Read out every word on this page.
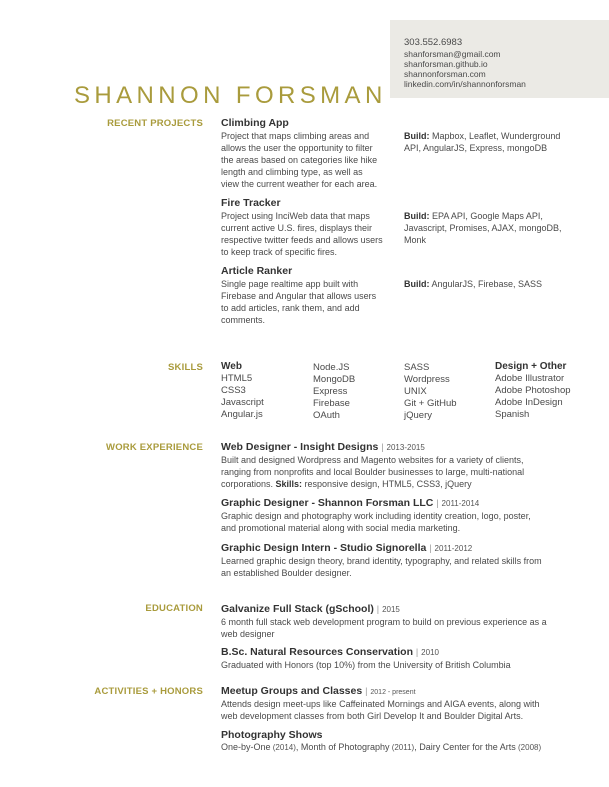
303.552.6983
shanforsman@gmail.com
shanforsman.github.io
shannonforsman.com
linkedin.com/in/shannonforsman
SHANNON FORSMAN
RECENT PROJECTS
SKILLS
WORK EXPERIENCE
EDUCATION
ACTIVITIES + HONORS
Climbing App
Project that maps climbing areas and
allows the user the opportunity to filter
the areas based on categories like hike
length and climbing type, as well as
view the current weather for each area.
Build: Mapbox, Leaflet, Wunderground
API, AngularJS, Express, mongoDB
Fire Tracker
Project using InciWeb data that maps
current active U.S. fires, displays their
respective twitter feeds and allows users
to keep track of specific fires.
Build: EPA API, Google Maps API,
Javascript, Promises, AJAX, mongoDB,
Monk
Article Ranker
Single page realtime app built with
Firebase and Angular that allows users
to add articles, rank them, and add
comments.
Build: AngularJS, Firebase, SASS
Web
HTML5
CSS3
Javascript
Angular.js
Node.JS
MongoDB
Express
Firebase
OAuth
SASS
Wordpress
UNIX
Git + GitHub
jQuery
Design + Other
Adobe Illustrator
Adobe Photoshop
Adobe InDesign
Spanish
Web Designer - Insight Designs | 2013-2015
Built and designed Wordpress and Magento websites for a variety of clients,
ranging from nonprofits and local Boulder businesses to large, multi-national
corporations. Skills: responsive design, HTML5, CSS3, jQuery
Graphic Designer - Shannon Forsman LLC | 2011-2014
Graphic design and photography work including identity creation, logo, poster,
and promotional material along with social media marketing.
Graphic Design Intern - Studio Signorella | 2011-2012
Learned graphic design theory, brand identity, typography, and related skills from
an established Boulder designer.
Galvanize Full Stack (gSchool) | 2015
6 month full stack web development program to build on previous experience as a
web designer
B.Sc. Natural Resources Conservation | 2010
Graduated with Honors (top 10%) from the University of British Columbia
Meetup Groups and Classes | 2012 - present
Attends design meet-ups like Caffeinated Mornings and AIGA events, along with
web development classes from both Girl Develop It and Boulder Digital Arts.
Photography Shows
One-by-One (2014), Month of Photography (2011), Dairy Center for the Arts (2008)
